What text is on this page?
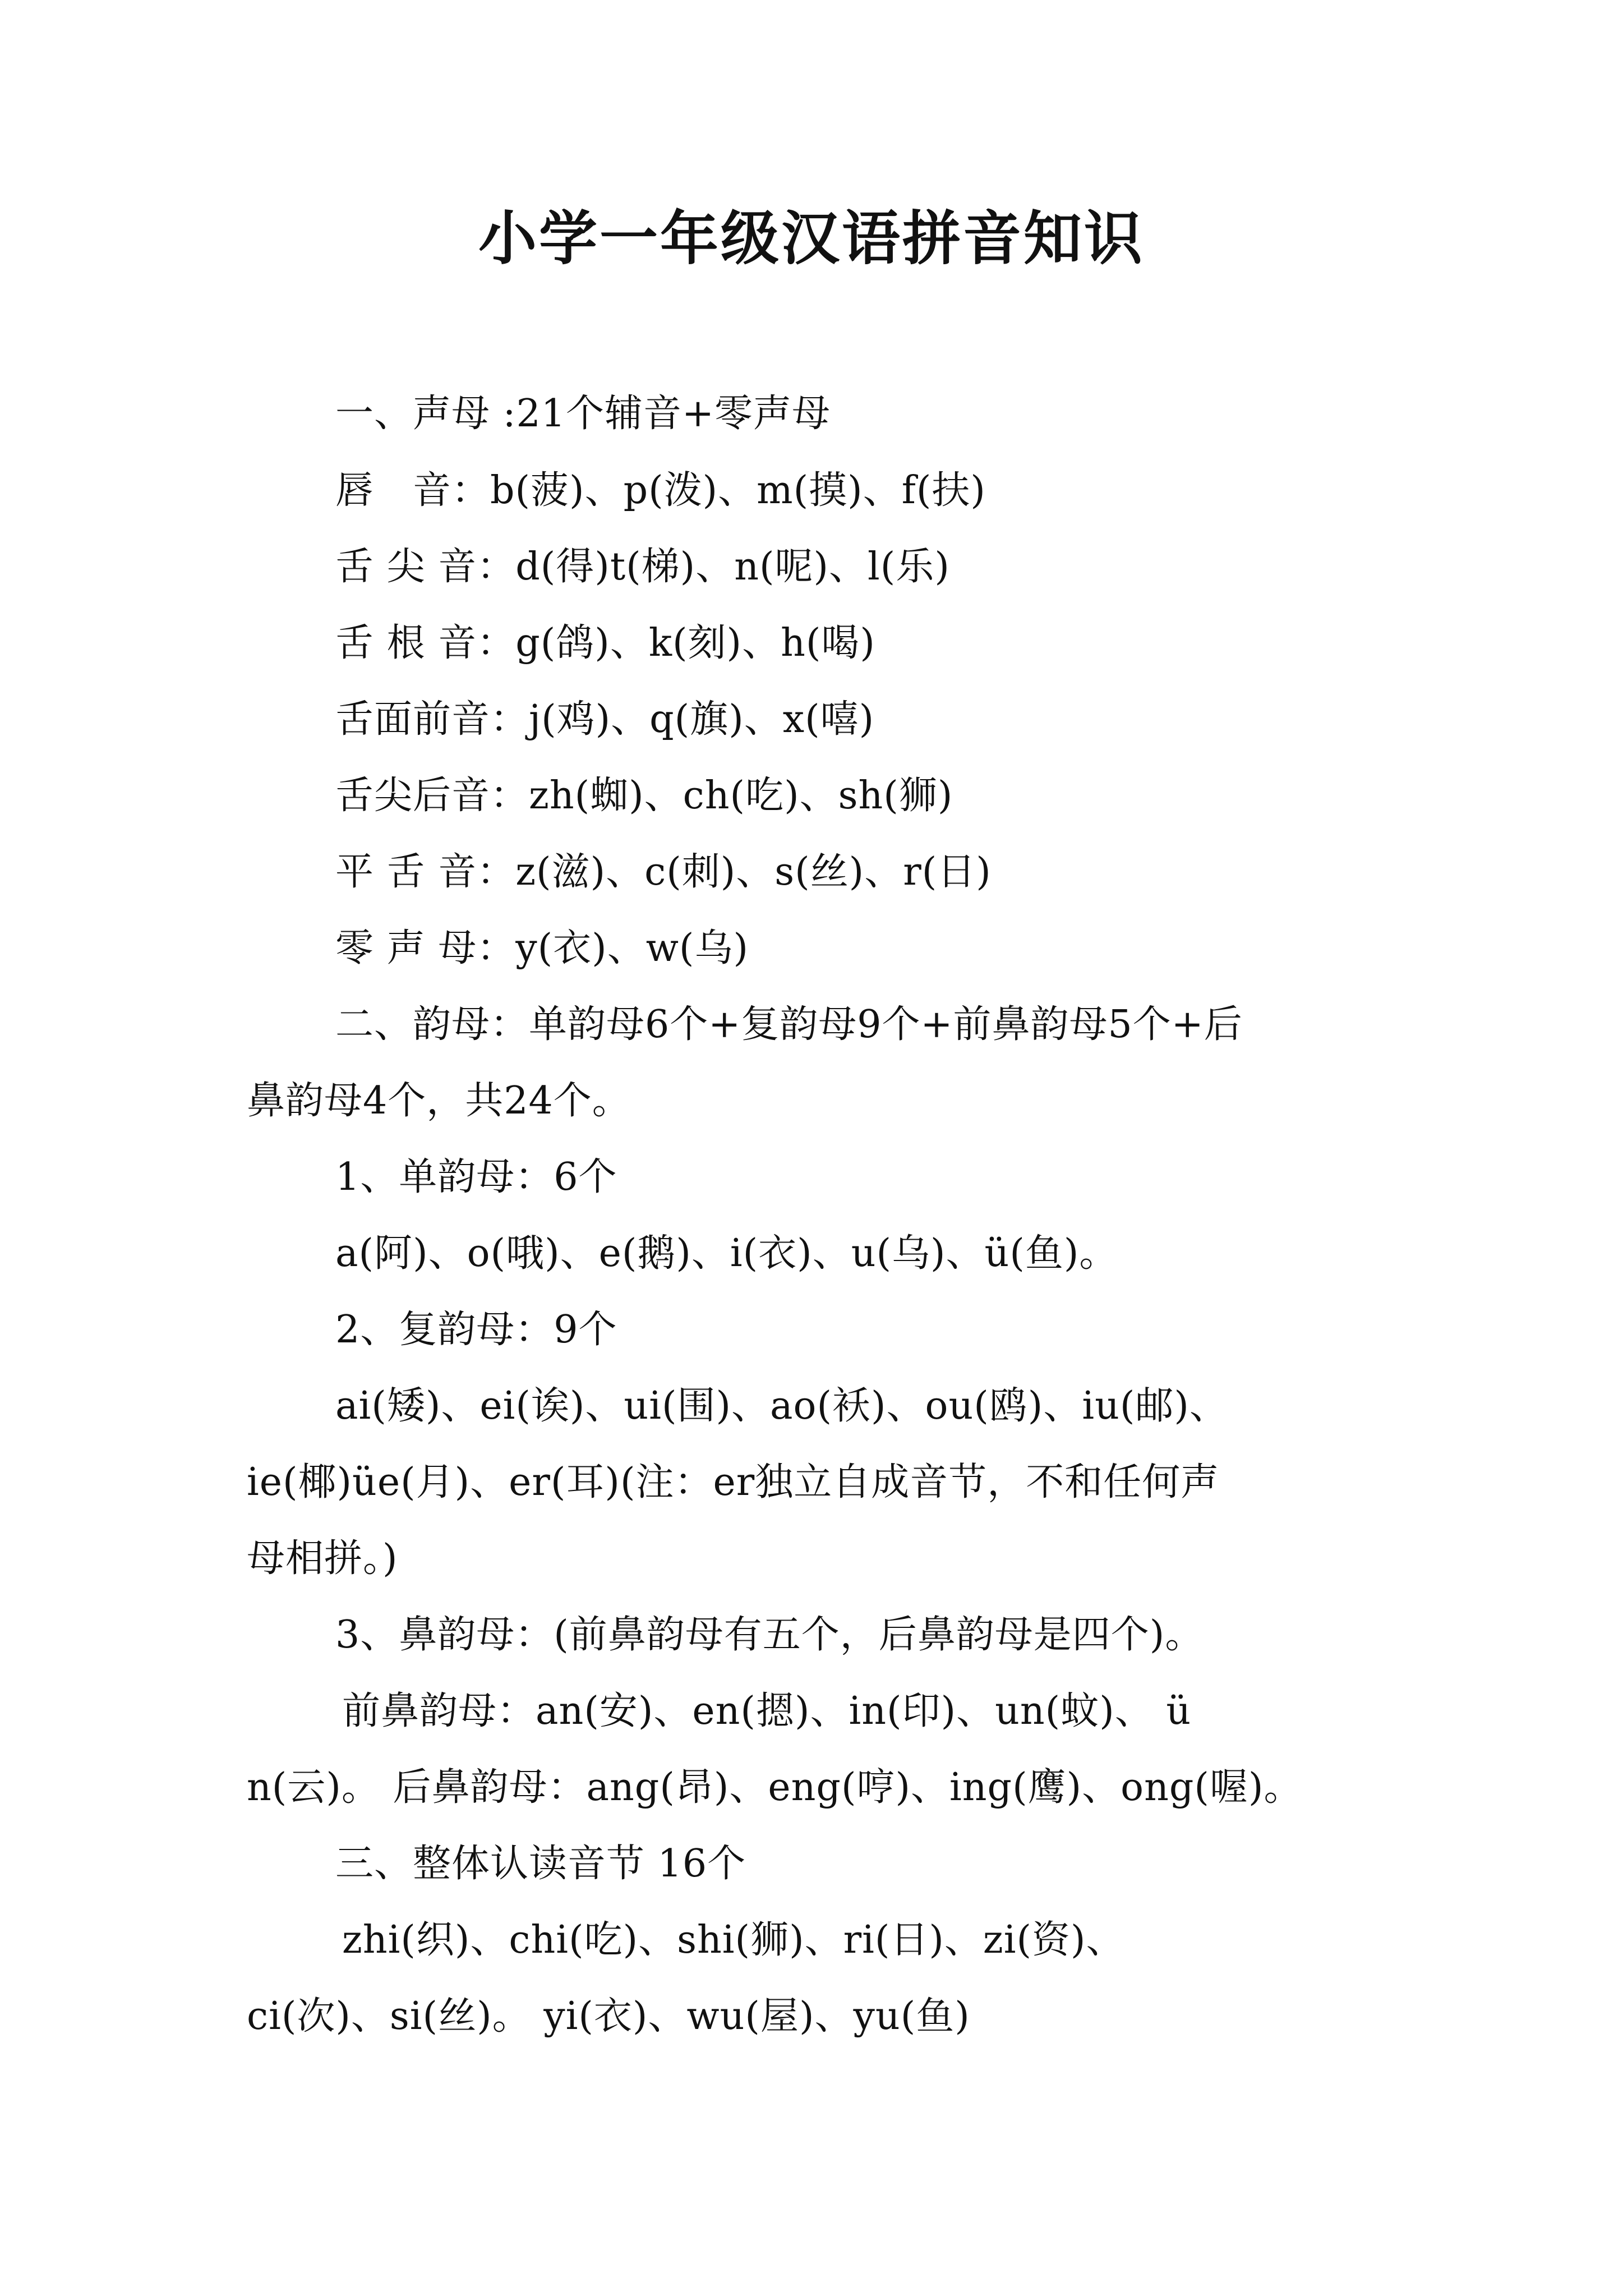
小学一年级汉语拼音知识
一、声母 :21个辅音+零声母
唇　音：b(菠)、p(泼)、m(摸)、f(扶)
舌 尖 音：d(得)t(梯)、n(呢)、l(乐)
舌 根 音：g(鸽)、k(刻)、h(喝)
舌面前音：j(鸡)、q(旗)、x(嘻)
舌尖后音：zh(蜘)、ch(吃)、sh(狮)
平 舌 音：z(滋)、c(刺)、s(丝)、r(日)
零 声 母：y(衣)、w(乌)
二、韵母：单韵母6个+复韵母9个+前鼻韵母5个+后
鼻韵母4个，共24个。
1、单韵母：6个
a(阿)、o(哦)、e(鹅)、i(衣)、u(乌)、ü(鱼)。
2、复韵母：9个
ai(矮)、ei(诶)、ui(围)、ao(袄)、ou(鸥)、iu(邮)、
ie(椰)üe(月)、er(耳)(注：er独立自成音节，不和任何声
母相拼。)
3、鼻韵母：(前鼻韵母有五个，后鼻韵母是四个)。
前鼻韵母：an(安)、en(摁)、in(印)、un(蚊)、 ü
n(云)。 后鼻韵母：ang(昂)、eng(哼)、ing(鹰)、ong(喔)。
三、整体认读音节 16个
zhi(织)、chi(吃)、shi(狮)、ri(日)、zi(资)、
ci(次)、si(丝)。 yi(衣)、wu(屋)、yu(鱼)
